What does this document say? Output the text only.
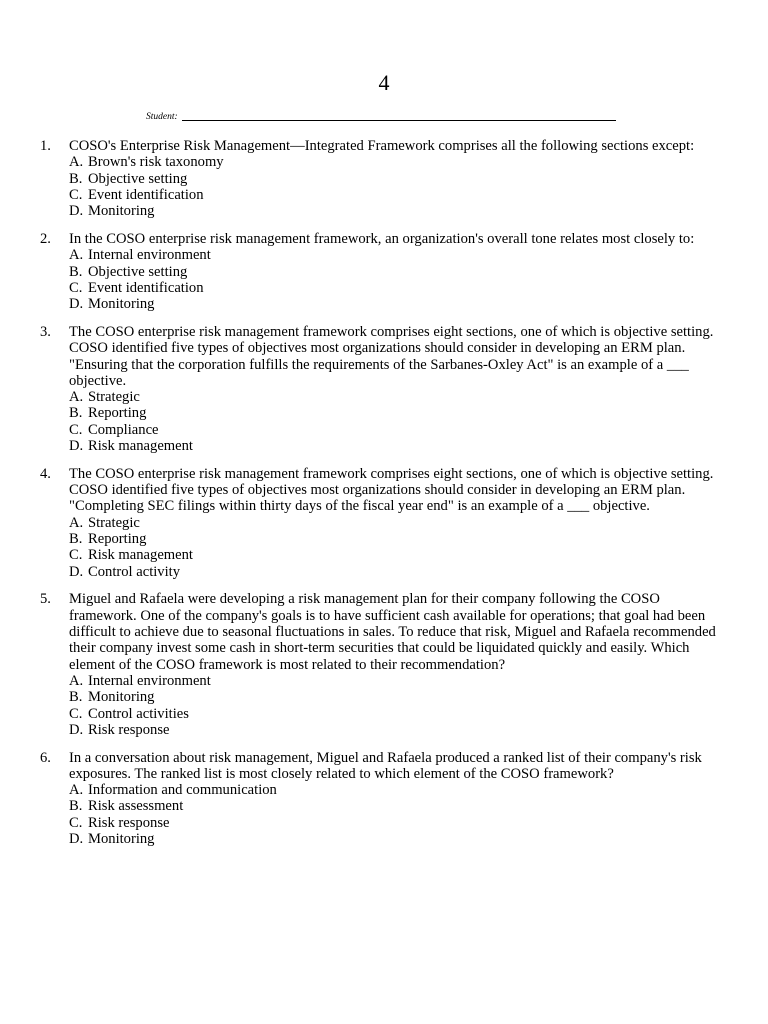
4
Student:
1. COSO's Enterprise Risk Management—Integrated Framework comprises all the following sections except:
A. Brown's risk taxonomy
B. Objective setting
C. Event identification
D. Monitoring
2. In the COSO enterprise risk management framework, an organization's overall tone relates most closely to:
A. Internal environment
B. Objective setting
C. Event identification
D. Monitoring
3. The COSO enterprise risk management framework comprises eight sections, one of which is objective setting. COSO identified five types of objectives most organizations should consider in developing an ERM plan. "Ensuring that the corporation fulfills the requirements of the Sarbanes-Oxley Act" is an example of a ___ objective.
A. Strategic
B. Reporting
C. Compliance
D. Risk management
4. The COSO enterprise risk management framework comprises eight sections, one of which is objective setting. COSO identified five types of objectives most organizations should consider in developing an ERM plan. "Completing SEC filings within thirty days of the fiscal year end" is an example of a ___ objective.
A. Strategic
B. Reporting
C. Risk management
D. Control activity
5. Miguel and Rafaela were developing a risk management plan for their company following the COSO framework. One of the company's goals is to have sufficient cash available for operations; that goal had been difficult to achieve due to seasonal fluctuations in sales. To reduce that risk, Miguel and Rafaela recommended their company invest some cash in short-term securities that could be liquidated quickly and easily. Which element of the COSO framework is most related to their recommendation?
A. Internal environment
B. Monitoring
C. Control activities
D. Risk response
6. In a conversation about risk management, Miguel and Rafaela produced a ranked list of their company's risk exposures. The ranked list is most closely related to which element of the COSO framework?
A. Information and communication
B. Risk assessment
C. Risk response
D. Monitoring
